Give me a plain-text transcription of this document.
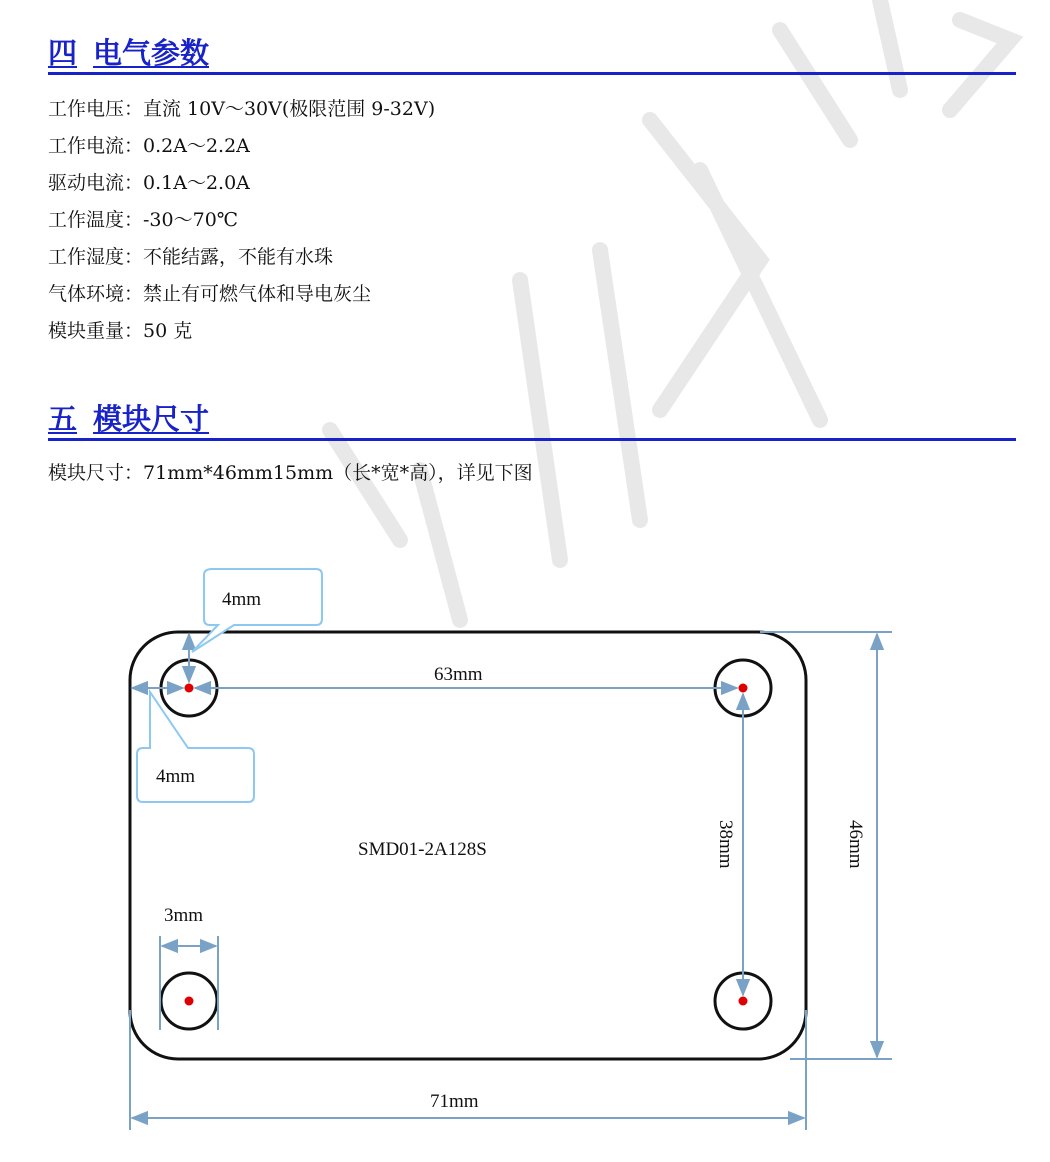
四 电气参数
工作电压：直流 10V～30V(极限范围 9-32V)
工作电流：0.2A～2.2A
驱动电流：0.1A～2.0A
工作温度：-30～70℃
工作湿度：不能结露，不能有水珠
气体环境：禁止有可燃气体和导电灰尘
模块重量：50 克
五 模块尺寸
模块尺寸：71mm*46mm15mm（长*宽*高），详见下图
4mm
4mm
63mm
3mm
SMD01-2A128S
71mm
38mm	46mm
